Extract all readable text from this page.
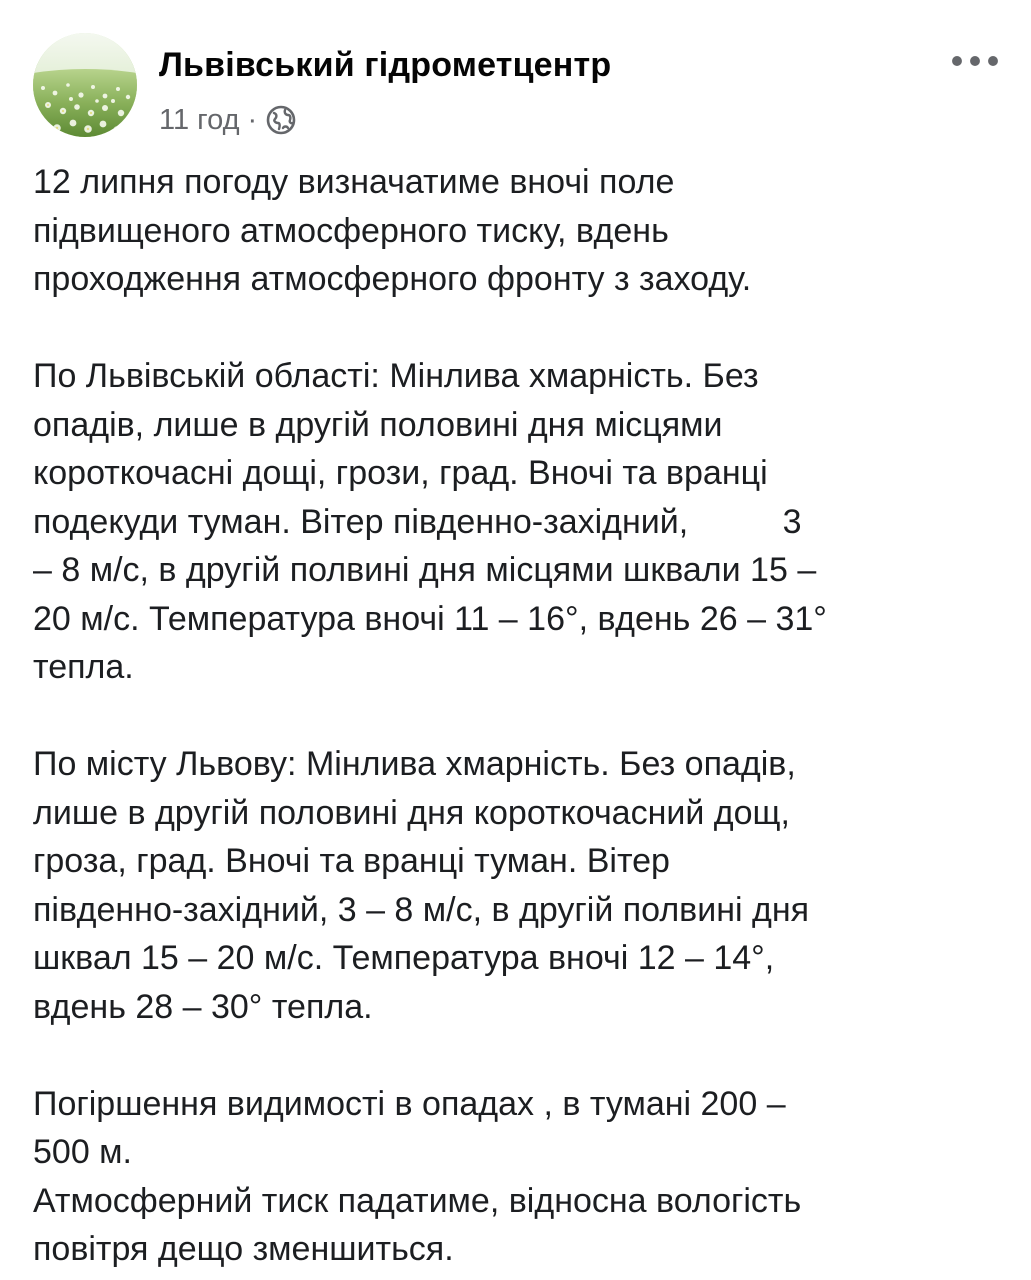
Львівський гідрометцентр
11 год ·

12 липня погоду визначатиме вночі поле
підвищеного атмосферного тиску, вдень
проходження атмосферного фронту з заходу.

По Львівській області: Мінлива хмарність. Без
опадів, лише в другій половині дня місцями
короткочасні дощі, грози, град. Вночі та вранці
подекуди туман. Вітер південно-західний,          3
– 8 м/с, в другій полвині дня місцями шквали 15 –
20 м/с. Температура вночі 11 – 16°, вдень 26 – 31°
тепла.

По місту Львову: Мінлива хмарність. Без опадів,
лише в другій половині дня короткочасний дощ,
гроза, град. Вночі та вранці туман. Вітер
південно-західний, 3 – 8 м/с, в другій полвині дня
шквал 15 – 20 м/с. Температура вночі 12 – 14°,
вдень 28 – 30° тепла.

Погіршення видимості в опадах , в тумані 200 –
500 м.
Атмосферний тиск падатиме, відносна вологість
повітря дещо зменшиться.
